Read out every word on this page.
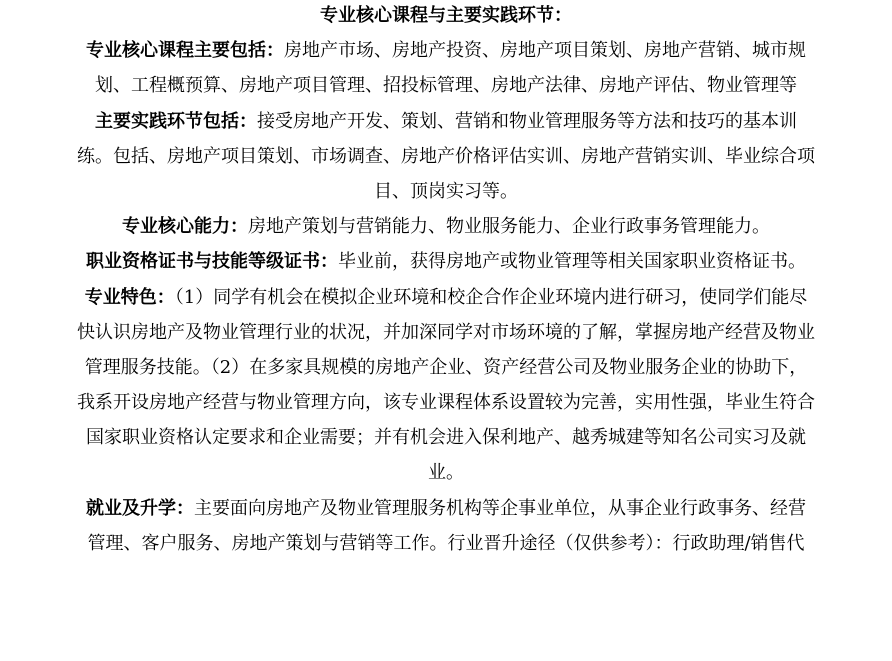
专业核心课程与主要实践环节：
专业核心课程主要包括：房地产市场、房地产投资、房地产项目策划、房地产营销、城市规
划、工程概预算、房地产项目管理、招投标管理、房地产法律、房地产评估、物业管理等
主要实践环节包括：接受房地产开发、策划、营销和物业管理服务等方法和技巧的基本训
练。包括、房地产项目策划、市场调查、房地产价格评估实训、房地产营销实训、毕业综合项
目、顶岗实习等。
专业核心能力：房地产策划与营销能力、物业服务能力、企业行政事务管理能力。
职业资格证书与技能等级证书：毕业前，获得房地产或物业管理等相关国家职业资格证书。
专业特色：（1）同学有机会在模拟企业环境和校企合作企业环境内进行研习，使同学们能尽
快认识房地产及物业管理行业的状况，并加深同学对市场环境的了解，掌握房地产经营及物业
管理服务技能。（2）在多家具规模的房地产企业、资产经营公司及物业服务企业的协助下，
我系开设房地产经营与物业管理方向，该专业课程体系设置较为完善，实用性强，毕业生符合
国家职业资格认定要求和企业需要；并有机会进入保利地产、越秀城建等知名公司实习及就
业。
就业及升学：主要面向房地产及物业管理服务机构等企事业单位，从事企业行政事务、经营
管理、客户服务、房地产策划与营销等工作。行业晋升途径（仅供参考）：行政助理/销售代
